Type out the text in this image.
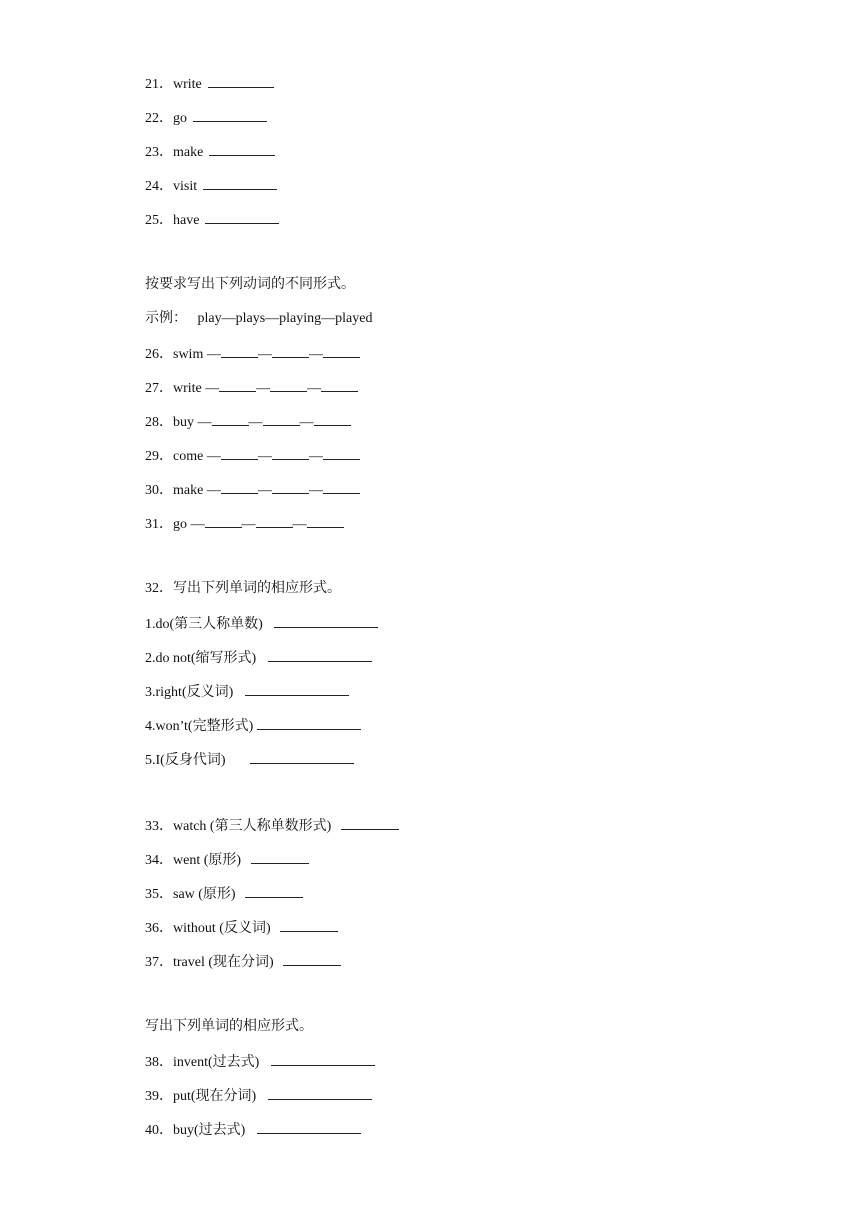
21．write
22．go
23．make
24．visit
25．have
按要求写出下列动词的不同形式。
示例： play—plays—playing—played
26．swim —	—	—
27．write —	—	—
28．buy —	—	—
29．come —	—	—
30．make —	—	—
31．go —	—	—
32．写出下列单词的相应形式。
1.do(第三人称单数)
2.do not(缩写形式)
3.right(反义词)
4.won’t(完整形式)
5.I(反身代词)
33．watch (第三人称单数形式)
34．went (原形)
35．saw (原形)
36．without (反义词)
37．travel (现在分词)
写出下列单词的相应形式。
38．invent(过去式)
39．put(现在分词)
40．buy(过去式)
